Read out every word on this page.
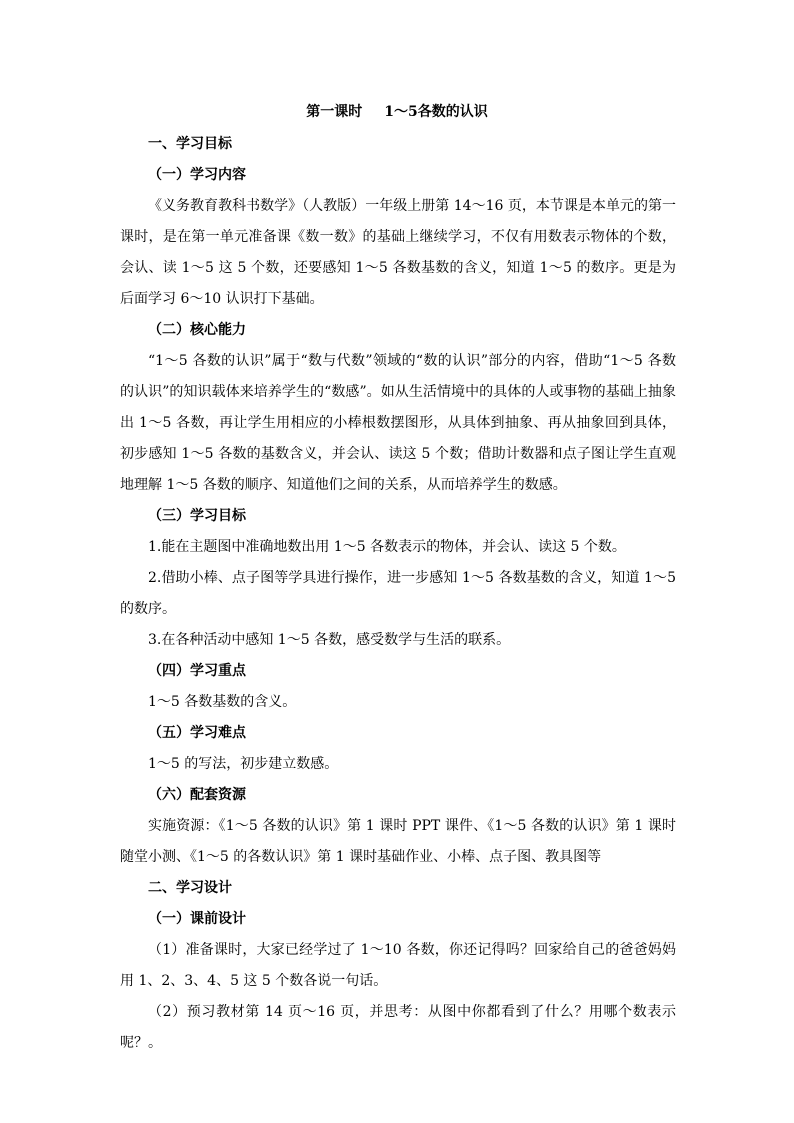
第一课时 1～5各数的认识
一、学习目标
（一）学习内容

《义务教育教科书数学》（人教版）一年级上册第 14～16 页，本节课是本单元的第一课时，是在第一单元准备课《数一数》的基础上继续学习，不仅有用数表示物体的个数，会认、读 1～5 这 5 个数，还要感知 1～5 各数基数的含义，知道 1～5 的数序。更是为后面学习 6～10 认识打下基础。

（二）核心能力

“1～5 各数的认识”属于“数与代数”领域的“数的认识”部分的内容，借助“1～5 各数的认识”的知识载体来培养学生的“数感”。如从生活情境中的具体的人或事物的基础上抽象出 1～5 各数，再让学生用相应的小棒根数摆图形，从具体到抽象、再从抽象回到具体，初步感知 1～5 各数的基数含义，并会认、读这 5 个数；借助计数器和点子图让学生直观地理解 1～5 各数的顺序、知道他们之间的关系，从而培养学生的数感。

（三）学习目标

1.能在主题图中准确地数出用 1～5 各数表示的物体，并会认、读这 5 个数。

2.借助小棒、点子图等学具进行操作，进一步感知 1～5 各数基数的含义，知道 1～5 的数序。

3.在各种活动中感知 1～5 各数，感受数学与生活的联系。

（四）学习重点

1～5 各数基数的含义。

（五）学习难点

1～5 的写法，初步建立数感。

（六）配套资源

实施资源：《1～5 各数的认识》第 1 课时 PPT 课件、《1～5 各数的认识》第 1 课时随堂小测、《1～5 的各数认识》第 1 课时基础作业、小棒、点子图、教具图等

二、学习设计
（一）课前设计

（1）准备课时，大家已经学过了 1～10 各数，你还记得吗？回家给自己的爸爸妈妈用 1、2、3、4、5 这 5 个数各说一句话。

（2）预习教材第 14 页～16 页，并思考：从图中你都看到了什么？用哪个数表示呢？。
